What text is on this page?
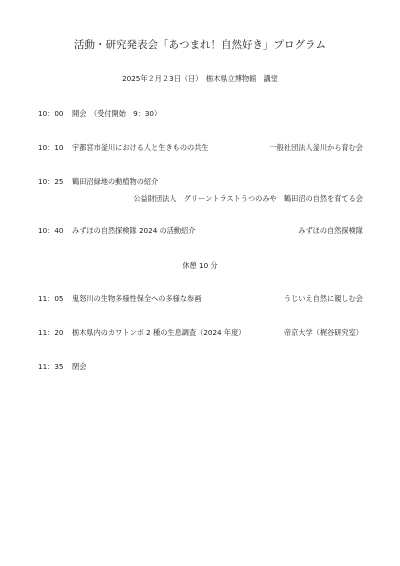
活動・研究発表会「あつまれ！自然好き」プログラム
2025年２月２3日（日）　栃木県立博物館　講堂
10：00 開会　（受付開始　9：30）
10：10 宇都宮市釜川における人と生きものの共生	一般社団法人釜川から育む会
10：25 鶴田沼緑地の動植物の紹介
公益財団法人　グリーントラストうつのみや　鶴田沼の自然を育てる会
10：40 みずほの自然探検隊 2024 の活動紹介	みずほの自然探検隊
休憩 10 分
11：05 鬼怒川の生物多様性保全への多様な参画	うじいえ自然に親しむ会
11：20 栃木県内のカワトンボ 2 種の生息調査（2024 年度）	帝京大学（梶谷研究室）
11：35 閉会
